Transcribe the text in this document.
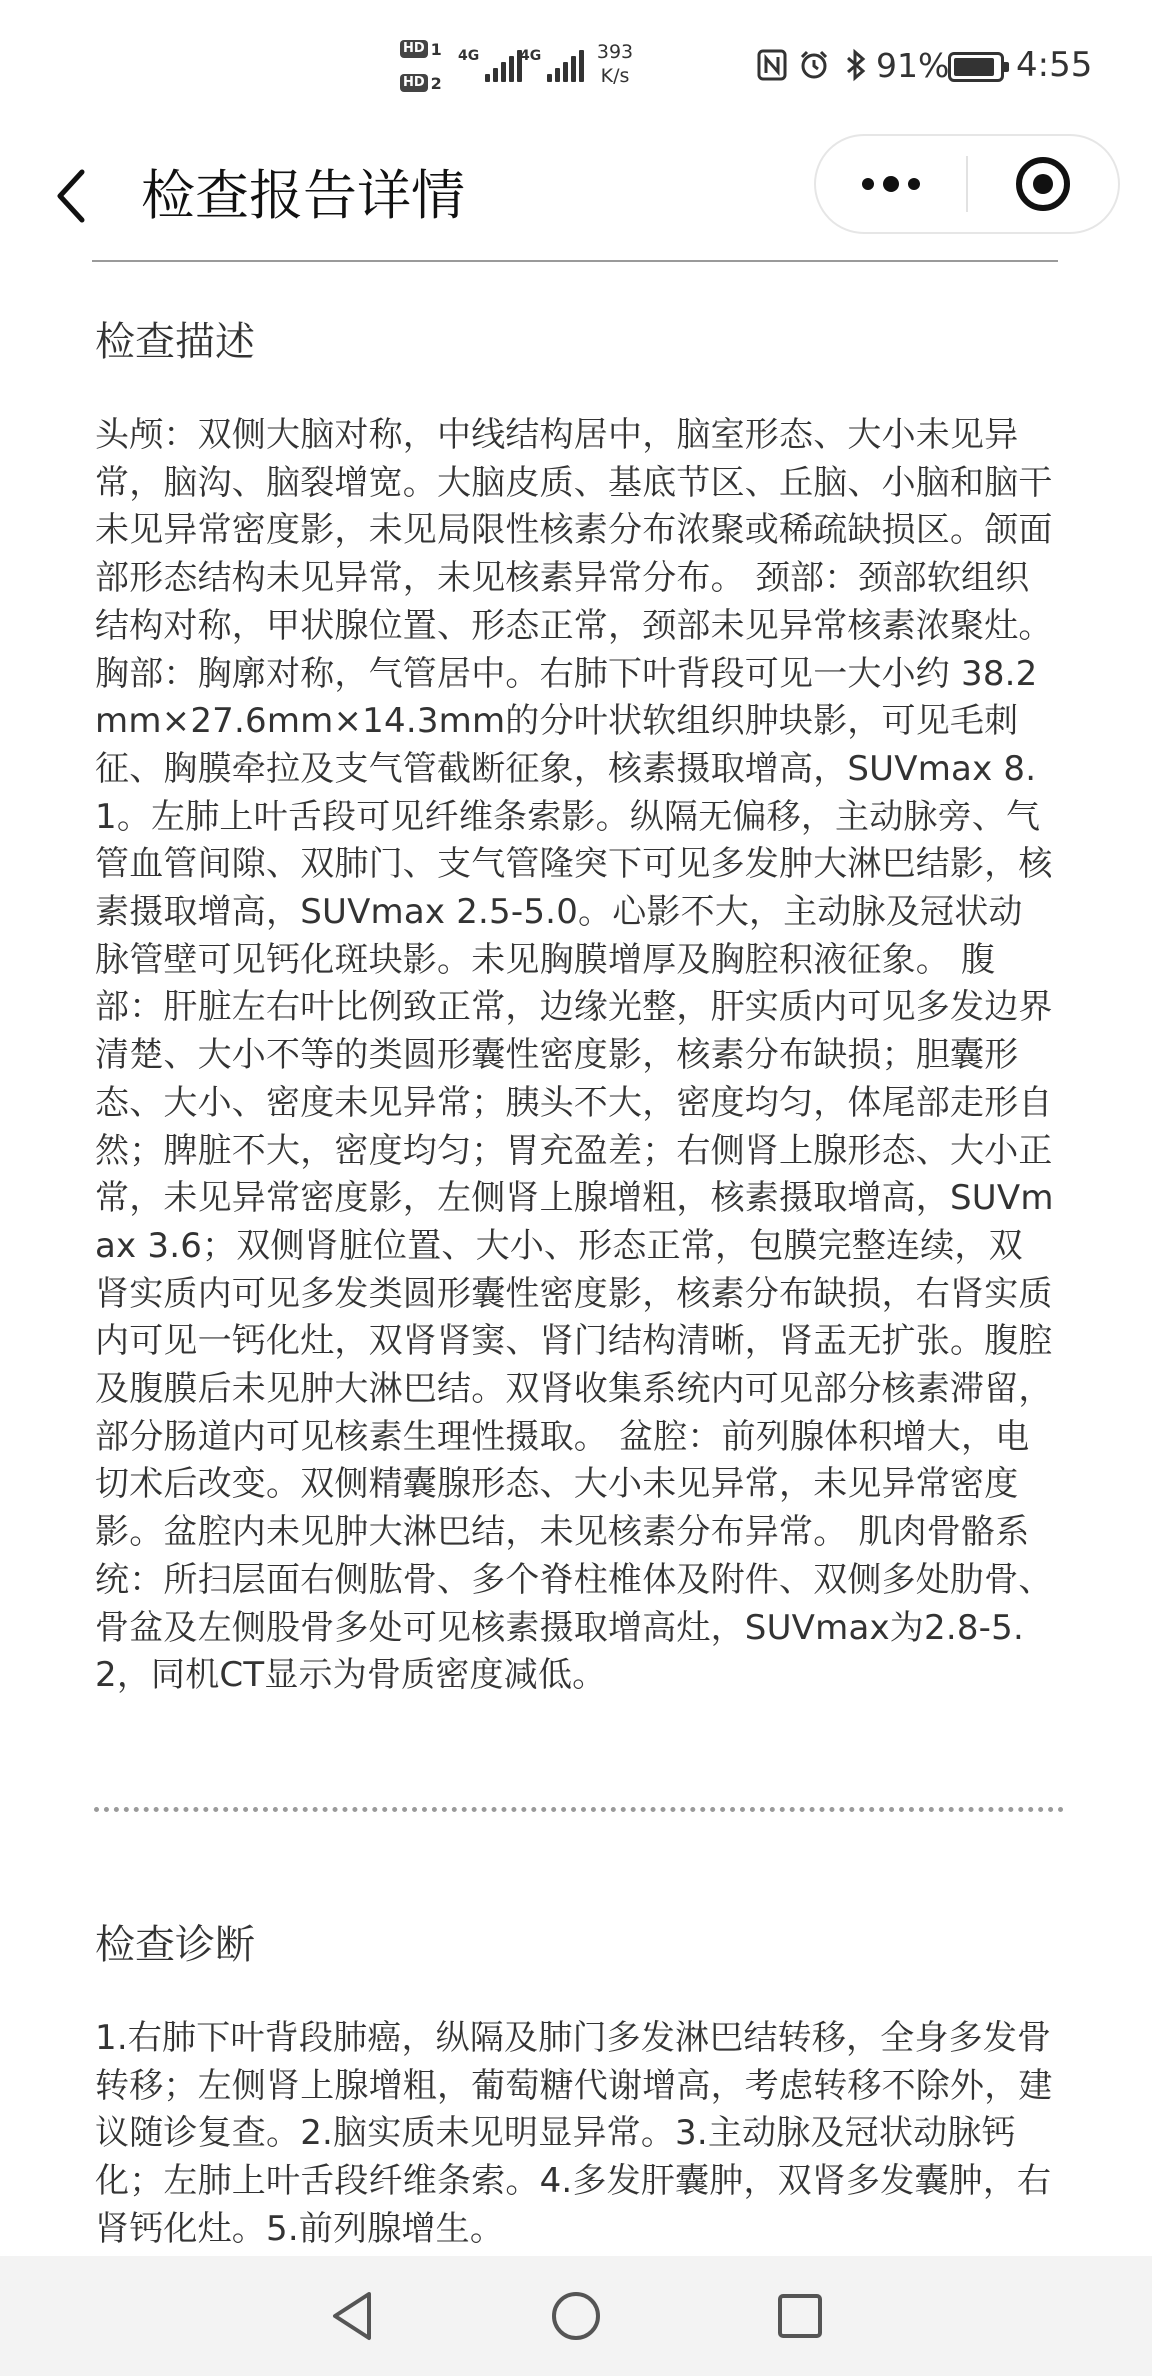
HD 1
HD 2
4G	4G	393
K/s	91% 4:55
检查报告详情
检查描述
头颅：双侧大脑对称，中线结构居中，脑室形态、大小未见异常，脑沟、脑裂增宽。大脑皮质、基底节区、丘脑、小脑和脑干未见异常密度影，未见局限性核素分布浓聚或稀疏缺损区。颌面部形态结构未见异常，未见核素异常分布。 颈部：颈部软组织结构对称，甲状腺位置、形态正常，颈部未见异常核素浓聚灶。 胸部：胸廓对称，气管居中。右肺下叶背段可见一大小约 38.2 mm×27.6mm×14.3mm的分叶状软组织肿块影，可见毛刺征、胸膜牵拉及支气管截断征象，核素摄取增高，SUVmax 8.1。左肺上叶舌段可见纤维条索影。纵隔无偏移，主动脉旁、气管血管间隙、双肺门、支气管隆突下可见多发肿大淋巴结影，核素摄取增高，SUVmax 2.5-5.0。心影不大，主动脉及冠状动脉管壁可见钙化斑块影。未见胸膜增厚及胸腔积液征象。 腹部：肝脏左右叶比例致正常，边缘光整，肝实质内可见多发边界清楚、大小不等的类圆形囊性密度影，核素分布缺损；胆囊形态、大小、密度未见异常；胰头不大，密度均匀，体尾部走形自然；脾脏不大，密度均匀；胃充盈差；右侧肾上腺形态、大小正常，未见异常密度影，左侧肾上腺增粗，核素摄取增高，SUVmax 3.6；双侧肾脏位置、大小、形态正常，包膜完整连续，双肾实质内可见多发类圆形囊性密度影，核素分布缺损，右肾实质内可见一钙化灶，双肾肾窦、肾门结构清晰，肾盂无扩张。腹腔及腹膜后未见肿大淋巴结。双肾收集系统内可见部分核素滞留，部分肠道内可见核素生理性摄取。 盆腔：前列腺体积增大，电切术后改变。双侧精囊腺形态、大小未见异常，未见异常密度影。盆腔内未见肿大淋巴结，未见核素分布异常。 肌肉骨骼系统：所扫层面右侧肱骨、多个脊柱椎体及附件、双侧多处肋骨、骨盆及左侧股骨多处可见核素摄取增高灶，SUVmax为2.8-5.2，同机CT显示为骨质密度减低。
检查诊断
1.右肺下叶背段肺癌，纵隔及肺门多发淋巴结转移，全身多发骨转移；左侧肾上腺增粗，葡萄糖代谢增高，考虑转移不除外，建议随诊复查。2.脑实质未见明显异常。3.主动脉及冠状动脉钙化；左肺上叶舌段纤维条索。4.多发肝囊肿，双肾多发囊肿，右肾钙化灶。5.前列腺增生。
